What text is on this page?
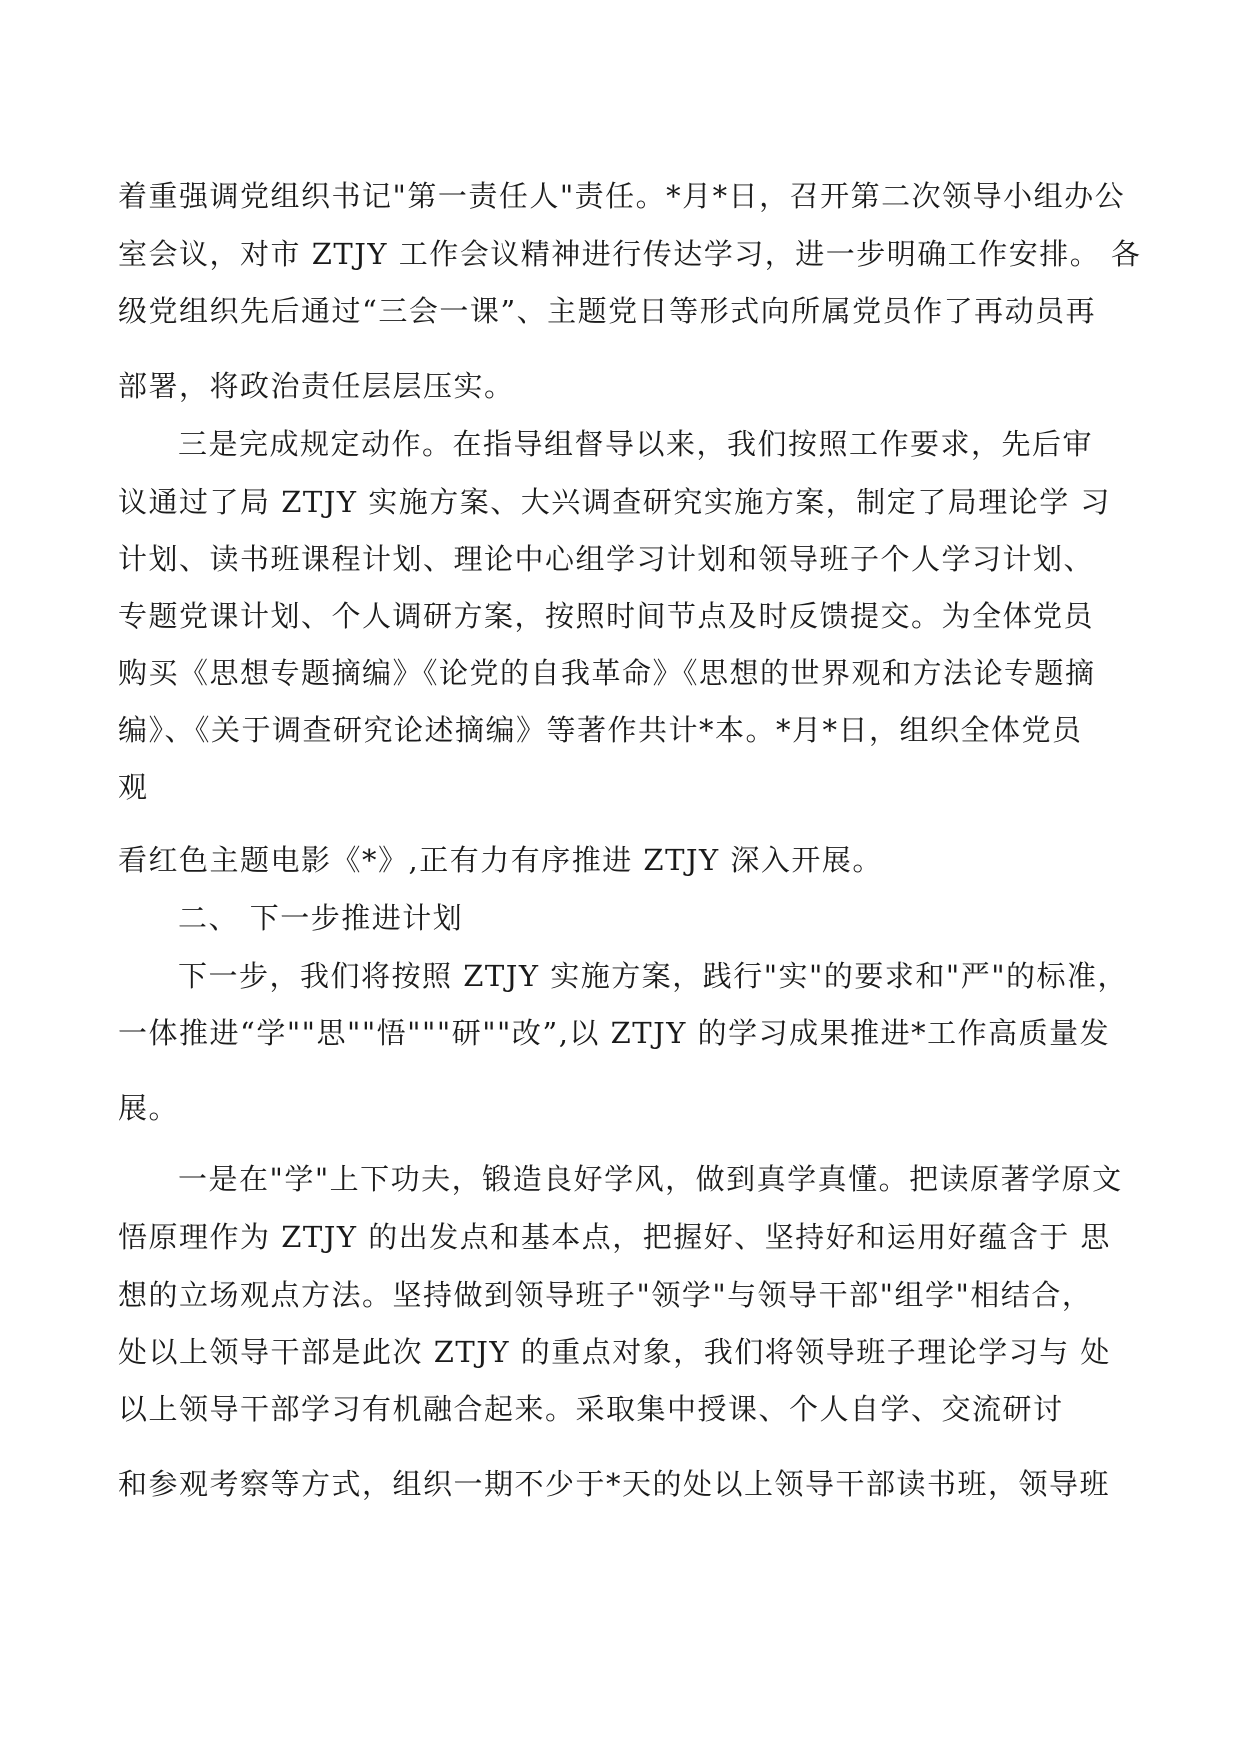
着重强调党组织书记"第一责任人"责任。*月*日，召开第二次领导小组办公
室会议，对市 ZTJY 工作会议精神进行传达学习，进一步明确工作安排。 各
级党组织先后通过“三会一课”、主题党日等形式向所属党员作了再动员再
部署，将政治责任层层压实。
三是完成规定动作。在指导组督导以来，我们按照工作要求，先后审
议通过了局 ZTJY 实施方案、大兴调查研究实施方案，制定了局理论学 习
计划、读书班课程计划、理论中心组学习计划和领导班子个人学习计划、
专题党课计划、个人调研方案，按照时间节点及时反馈提交。为全体党员
购买《思想专题摘编》《论党的自我革命》《思想的世界观和方法论专题摘
编》、《关于调查研究论述摘编》等著作共计*本。*月*日，组织全体党员
观
看红色主题电影《*》,正有力有序推进 ZTJY 深入开展。
二、 下一步推进计划
下一步，我们将按照 ZTJY 实施方案，践行"实"的要求和"严"的标准，
一体推进“学""思""悟"""研""改”,以 ZTJY 的学习成果推进*工作高质量发
展。
一是在"学"上下功夫，锻造良好学风，做到真学真懂。把读原著学原文
悟原理作为 ZTJY 的出发点和基本点，把握好、坚持好和运用好蕴含于 思
想的立场观点方法。坚持做到领导班子"领学"与领导干部"组学"相结合，
处以上领导干部是此次 ZTJY 的重点对象，我们将领导班子理论学习与 处
以上领导干部学习有机融合起来。采取集中授课、个人自学、交流研讨
和参观考察等方式，组织一期不少于*天的处以上领导干部读书班，领导班
